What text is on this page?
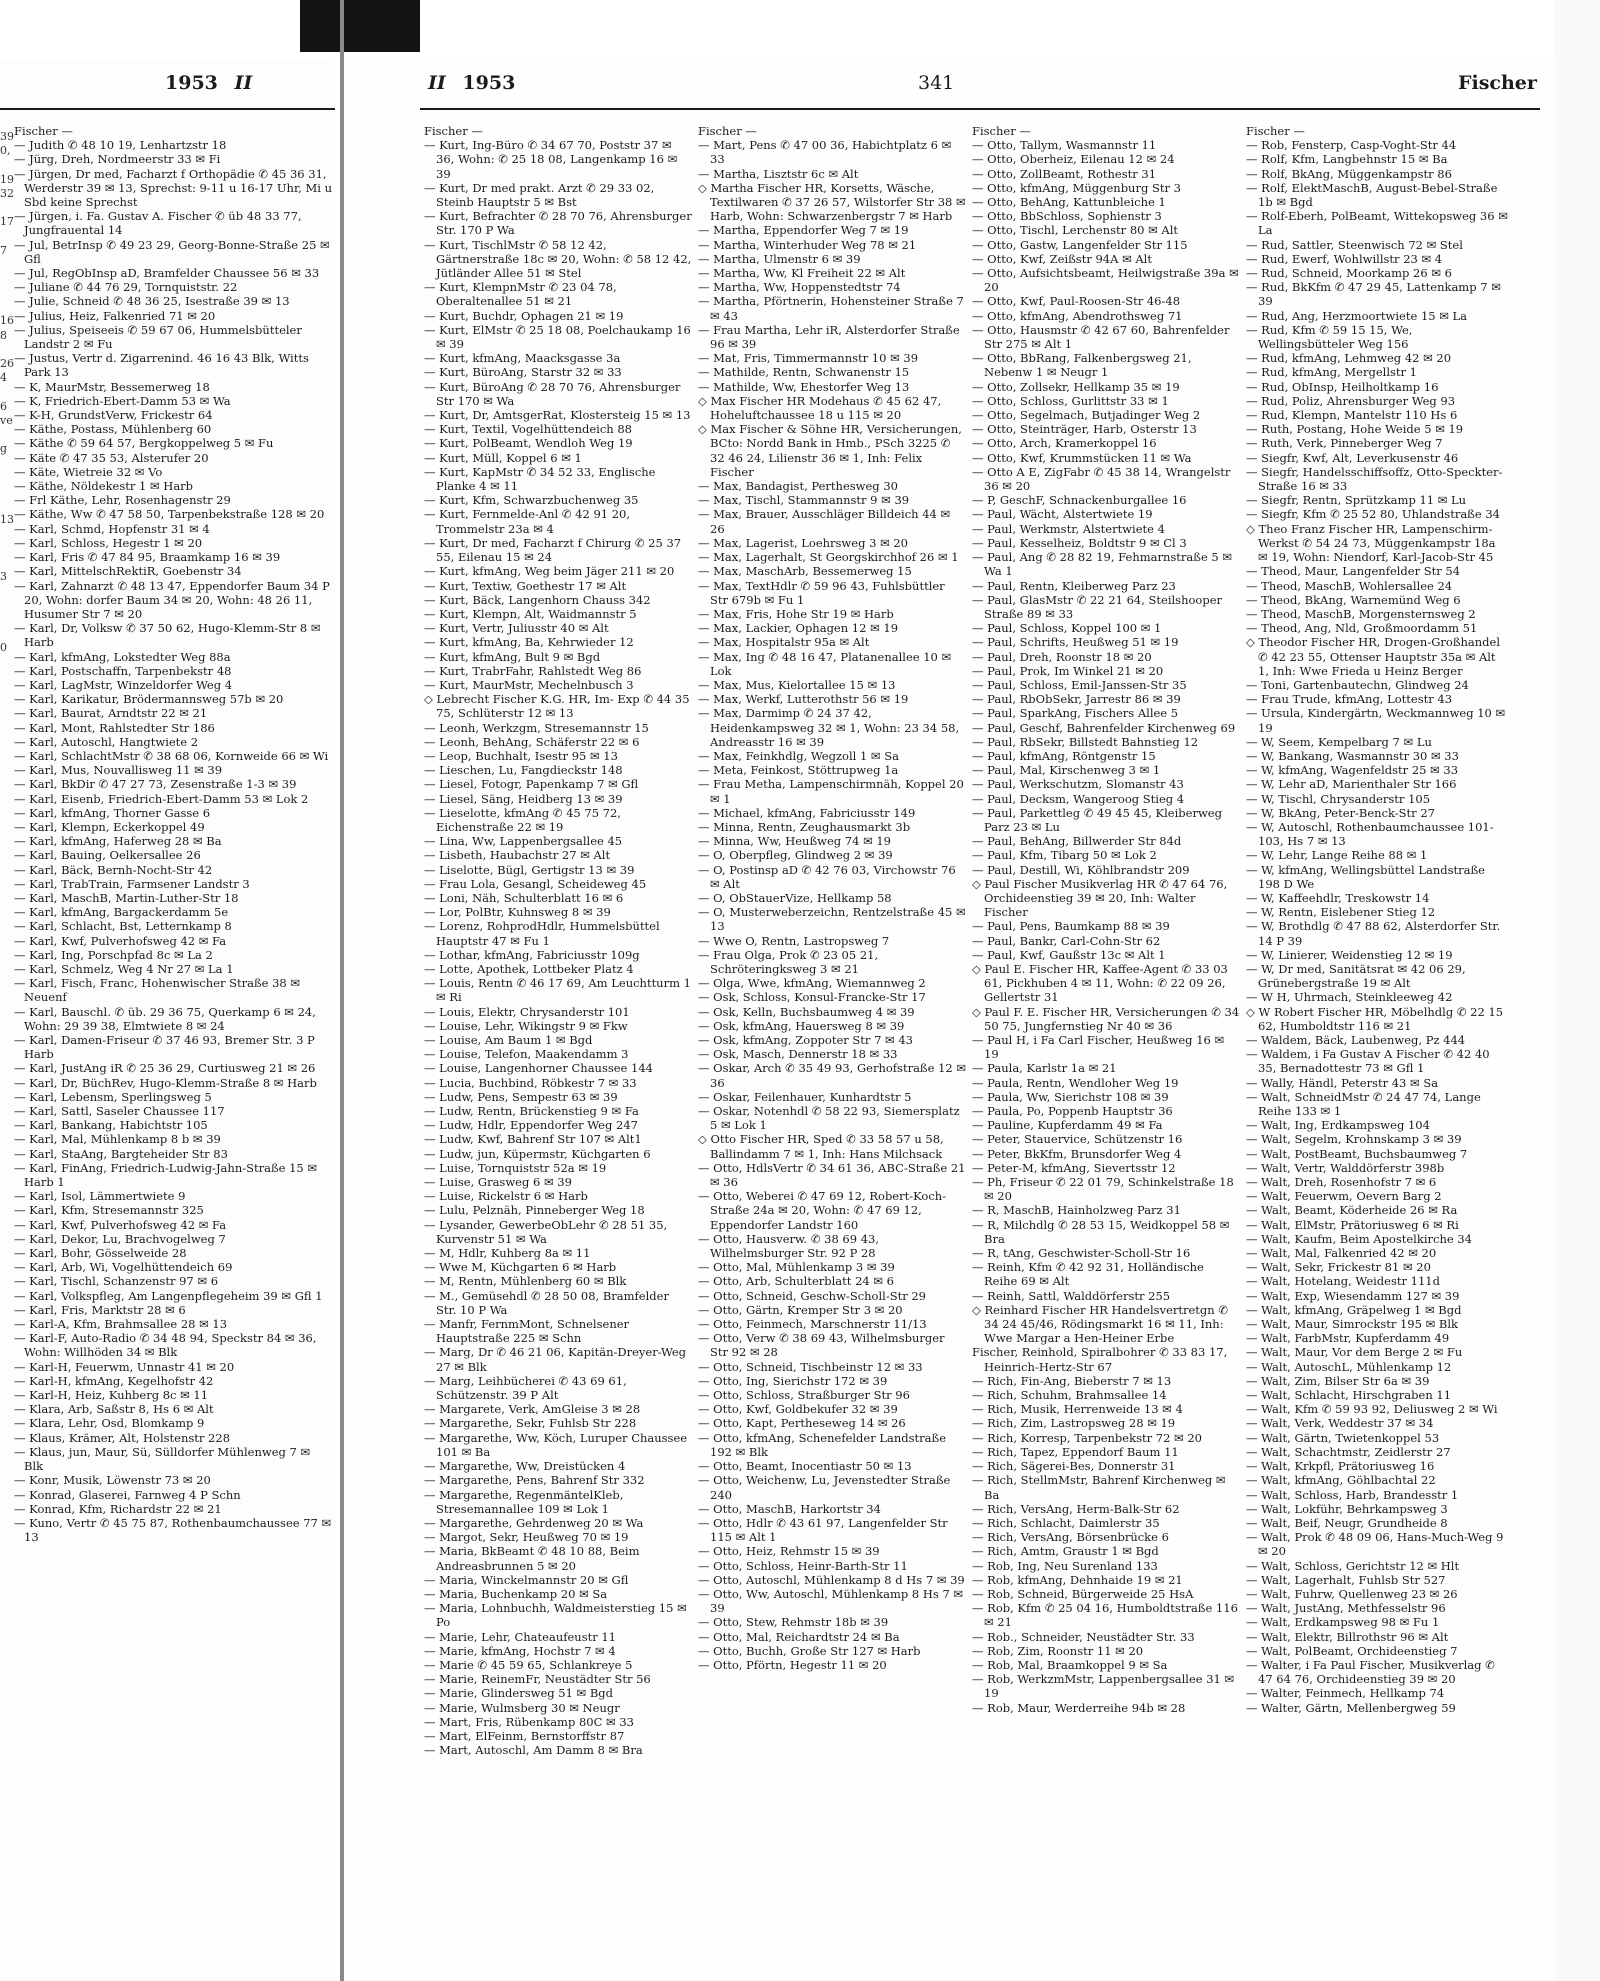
1953 II
39
0,
19
32
17
7
16
8
26
4
6
ve
g
13
3
0
Fischer —

— Judith ✆ 48 10 19, Lenhartzstr 18

— Jürg, Dreh, Nordmeerstr 33 ✉ Fi

— Jürgen, Dr med, Facharzt f Orthopädie ✆ 45 36 31, Werderstr 39 ✉ 13, Sprechst: 9-11 u 16-17 Uhr, Mi u Sbd keine Sprechst

— Jürgen, i. Fa. Gustav A. Fischer ✆ üb 48 33 77, Jungfrauental 14

— Jul, BetrInsp ✆ 49 23 29, Georg-Bonne-Straße 25 ✉ Gfl

— Jul, RegObInsp aD, Bramfelder Chaussee 56 ✉ 33

— Juliane ✆ 44 76 29, Tornquiststr. 22

— Julie, Schneid ✆ 48 36 25, Isestraße 39 ✉ 13

— Julius, Heiz, Falkenried 71 ✉ 20

— Julius, Speiseeis ✆ 59 67 06, Hummelsbütteler Landstr 2 ✉ Fu

— Justus, Vertr d. Zigarrenind. 46 16 43 Blk, Witts Park 13

— K, MaurMstr, Bessemerweg 18

— K, Friedrich-Ebert-Damm 53 ✉ Wa

— K-H, GrundstVerw, Frickestr 64

— Käthe, Postass, Mühlenberg 60

— Käthe ✆ 59 64 57, Bergkoppelweg 5 ✉ Fu

— Käte ✆ 47 35 53, Alsterufer 20

— Käte, Wietreie 32 ✉ Vo

— Käthe, Nöldekestr 1 ✉ Harb

— Frl Käthe, Lehr, Rosenhagenstr 29

— Käthe, Ww ✆ 47 58 50, Tarpenbekstraße 128 ✉ 20

— Karl, Schmd, Hopfenstr 31 ✉ 4

— Karl, Schloss, Hegestr 1 ✉ 20

— Karl, Fris ✆ 47 84 95, Braamkamp 16 ✉ 39

— Karl, MittelschRektiR, Goebenstr 34

— Karl, Zahnarzt ✆ 48 13 47, Eppendorfer Baum 34 P 20, Wohn: dorfer Baum 34 ✉ 20, Wohn: 48 26 11, Husumer Str 7 ✉ 20

— Karl, Dr, Volksw ✆ 37 50 62, Hugo-Klemm-Str 8 ✉ Harb

— Karl, kfmAng, Lokstedter Weg 88a

— Karl, Postschaffn, Tarpenbekstr 48

— Karl, LagMstr, Winzeldorfer Weg 4

— Karl, Karikatur, Brödermannsweg 57b ✉ 20

— Karl, Baurat, Arndtstr 22 ✉ 21

— Karl, Mont, Rahlstedter Str 186

— Karl, Autoschl, Hangtwiete 2

— Karl, SchlachtMstr ✆ 38 68 06, Kornweide 66 ✉ Wi

— Karl, Mus, Nouvallisweg 11 ✉ 39

— Karl, BkDir ✆ 47 27 73, Zesenstraße 1-3 ✉ 39

— Karl, Eisenb, Friedrich-Ebert-Damm 53 ✉ Lok 2

— Karl, kfmAng, Thorner Gasse 6

— Karl, Klempn, Eckerkoppel 49

— Karl, kfmAng, Haferweg 28 ✉ Ba

— Karl, Bauing, Oelkersallee 26

— Karl, Bäck, Bernh-Nocht-Str 42

— Karl, TrabTrain, Farmsener Landstr 3

— Karl, MaschB, Martin-Luther-Str 18

— Karl, kfmAng, Bargackerdamm 5e

— Karl, Schlacht, Bst, Letternkamp 8

— Karl, Kwf, Pulverhofsweg 42 ✉ Fa

— Karl, Ing, Porschpfad 8c ✉ La 2

— Karl, Schmelz, Weg 4 Nr 27 ✉ La 1

— Karl, Fisch, Franc, Hohenwischer Straße 38 ✉ Neuenf

— Karl, Bauschl. ✆ üb. 29 36 75, Querkamp 6 ✉ 24, Wohn: 29 39 38, Elmtwiete 8 ✉ 24

— Karl, Damen-Friseur ✆ 37 46 93, Bremer Str. 3 P Harb

— Karl, JustAng iR ✆ 25 36 29, Curtiusweg 21 ✉ 26

— Karl, Dr, BüchRev, Hugo-Klemm-Straße 8 ✉ Harb

— Karl, Lebensm, Sperlingsweg 5

— Karl, Sattl, Saseler Chaussee 117

— Karl, Bankang, Habichtstr 105

— Karl, Mal, Mühlenkamp 8 b ✉ 39

— Karl, StaAng, Bargteheider Str 83

— Karl, FinAng, Friedrich-Ludwig-Jahn-Straße 15 ✉ Harb 1

— Karl, Isol, Lämmertwiete 9

— Karl, Kfm, Stresemannstr 325

— Karl, Kwf, Pulverhofsweg 42 ✉ Fa

— Karl, Dekor, Lu, Brachvogelweg 7

— Karl, Bohr, Gösselweide 28

— Karl, Arb, Wi, Vogelhüttendeich 69

— Karl, Tischl, Schanzenstr 97 ✉ 6

— Karl, Volkspfleg, Am Langenpflegeheim 39 ✉ Gfl 1

— Karl, Fris, Marktstr 28 ✉ 6

— Karl-A, Kfm, Brahmsallee 28 ✉ 13

— Karl-F, Auto-Radio ✆ 34 48 94, Speckstr 84 ✉ 36, Wohn: Willhöden 34 ✉ Blk

— Karl-H, Feuerwm, Unnastr 41 ✉ 20

— Karl-H, kfmAng, Kegelhofstr 42

— Karl-H, Heiz, Kuhberg 8c ✉ 11

— Klara, Arb, Saßstr 8, Hs 6 ✉ Alt

— Klara, Lehr, Osd, Blomkamp 9

— Klaus, Krämer, Alt, Holstenstr 228

— Klaus, jun, Maur, Sü, Sülldorfer Mühlenweg 7 ✉ Blk

— Konr, Musik, Löwenstr 73 ✉ 20

— Konrad, Glaserei, Farnweg 4 P Schn

— Konrad, Kfm, Richardstr 22 ✉ 21

— Kuno, Vertr ✆ 45 75 87, Rothenbaumchaussee 77 ✉ 13

II 1953	341	Fischer
Fischer —

— Kurt, Ing-Büro ✆ 34 67 70, Poststr 37 ✉ 36, Wohn: ✆ 25 18 08, Langenkamp 16 ✉ 39

— Kurt, Dr med prakt. Arzt ✆ 29 33 02, Steinb Hauptstr 5 ✉ Bst

— Kurt, Befrachter ✆ 28 70 76, Ahrensburger Str. 170 P Wa

— Kurt, TischlMstr ✆ 58 12 42, Gärtnerstraße 18c ✉ 20, Wohn: ✆ 58 12 42, Jütländer Allee 51 ✉ Stel

— Kurt, KlempnMstr ✆ 23 04 78, Oberaltenallee 51 ✉ 21

— Kurt, Buchdr, Ophagen 21 ✉ 19

— Kurt, ElMstr ✆ 25 18 08, Poelchaukamp 16 ✉ 39

— Kurt, kfmAng, Maacksgasse 3a

— Kurt, BüroAng, Starstr 32 ✉ 33

— Kurt, BüroAng ✆ 28 70 76, Ahrensburger Str 170 ✉ Wa

— Kurt, Dr, AmtsgerRat, Klostersteig 15 ✉ 13

— Kurt, Textil, Vogelhüttendeich 88

— Kurt, PolBeamt, Wendloh Weg 19

— Kurt, Müll, Koppel 6 ✉ 1

— Kurt, KapMstr ✆ 34 52 33, Englische Planke 4 ✉ 11

— Kurt, Kfm, Schwarzbuchenweg 35

— Kurt, Fernmelde-Anl ✆ 42 91 20, Trommelstr 23a ✉ 4

— Kurt, Dr med, Facharzt f Chirurg ✆ 25 37 55, Eilenau 15 ✉ 24

— Kurt, kfmAng, Weg beim Jäger 211 ✉ 20

— Kurt, Textiw, Goethestr 17 ✉ Alt

— Kurt, Bäck, Langenhorn Chauss 342

— Kurt, Klempn, Alt, Waidmannstr 5

— Kurt, Vertr, Juliusstr 40 ✉ Alt

— Kurt, kfmAng, Ba, Kehrwieder 12

— Kurt, kfmAng, Bult 9 ✉ Bgd

— Kurt, TrabrFahr, Rahlstedt Weg 86

— Kurt, MaurMstr, Mechelnbusch 3

◇ Lebrecht Fischer K.G. HR, Im- Exp ✆ 44 35 75, Schlüterstr 12 ✉ 13

— Leonh, Werkzgm, Stresemannstr 15

— Leonh, BehAng, Schäferstr 22 ✉ 6

— Leop, Buchhalt, Isestr 95 ✉ 13

— Lieschen, Lu, Fangdieckstr 148

— Liesel, Fotogr, Papenkamp 7 ✉ Gfl

— Liesel, Säng, Heidberg 13 ✉ 39

— Lieselotte, kfmAng ✆ 45 75 72, Eichenstraße 22 ✉ 19

— Lina, Ww, Lappenbergsallee 45

— Lisbeth, Haubachstr 27 ✉ Alt

— Liselotte, Bügl, Gertigstr 13 ✉ 39

— Frau Lola, Gesangl, Scheideweg 45

— Loni, Näh, Schulterblatt 16 ✉ 6

— Lor, PolBtr, Kuhnsweg 8 ✉ 39

— Lorenz, RohprodHdlr, Hummelsbüttel Hauptstr 47 ✉ Fu 1

— Lothar, kfmAng, Fabriciusstr 109g

— Lotte, Apothek, Lottbeker Platz 4

— Louis, Rentn ✆ 46 17 69, Am Leuchtturm 1 ✉ Ri

— Louis, Elektr, Chrysanderstr 101

— Louise, Lehr, Wikingstr 9 ✉ Fkw

— Louise, Am Baum 1 ✉ Bgd

— Louise, Telefon, Maakendamm 3

— Louise, Langenhorner Chaussee 144

— Lucia, Buchbind, Röbkestr 7 ✉ 33

— Ludw, Pens, Sempestr 63 ✉ 39

— Ludw, Rentn, Brückenstieg 9 ✉ Fa

— Ludw, Hdlr, Eppendorfer Weg 247

— Ludw, Kwf, Bahrenf Str 107 ✉ Alt1

— Ludw, jun, Küpermstr, Küchgarten 6

— Luise, Tornquiststr 52a ✉ 19

— Luise, Grasweg 6 ✉ 39

— Luise, Rickelstr 6 ✉ Harb

— Lulu, Pelznäh, Pinneberger Weg 18

— Lysander, GewerbeObLehr ✆ 28 51 35, Kurvenstr 51 ✉ Wa

— M, Hdlr, Kuhberg 8a ✉ 11

— Wwe M, Küchgarten 6 ✉ Harb

— M, Rentn, Mühlenberg 60 ✉ Blk

— M., Gemüsehdl ✆ 28 50 08, Bramfelder Str. 10 P Wa

— Manfr, FernmMont, Schnelsener Hauptstraße 225 ✉ Schn

— Marg, Dr ✆ 46 21 06, Kapitän-Dreyer-Weg 27 ✉ Blk

— Marg, Leihbücherei ✆ 43 69 61, Schützenstr. 39 P Alt

— Margarete, Verk, AmGleise 3 ✉ 28

— Margarethe, Sekr, Fuhlsb Str 228

— Margarethe, Ww, Köch, Luruper Chaussee 101 ✉ Ba

— Margarethe, Ww, Dreistücken 4

— Margarethe, Pens, Bahrenf Str 332

— Margarethe, RegenmäntelKleb, Stresemannallee 109 ✉ Lok 1

— Margarethe, Gehrdenweg 20 ✉ Wa

— Margot, Sekr, Heußweg 70 ✉ 19

— Maria, BkBeamt ✆ 48 10 88, Beim Andreasbrunnen 5 ✉ 20

— Maria, Winckelmannstr 20 ✉ Gfl

— Maria, Buchenkamp 20 ✉ Sa

— Maria, Lohnbuchh, Waldmeisterstieg 15 ✉ Po

— Marie, Lehr, Chateaufeustr 11

— Marie, kfmAng, Hochstr 7 ✉ 4

— Marie ✆ 45 59 65, Schlankreye 5

— Marie, ReinemFr, Neustädter Str 56

— Marie, Glindersweg 51 ✉ Bgd

— Marie, Wulmsberg 30 ✉ Neugr

— Mart, Fris, Rübenkamp 80C ✉ 33

— Mart, ElFeinm, Bernstorffstr 87

— Mart, Autoschl, Am Damm 8 ✉ Bra

Fischer —

— Mart, Pens ✆ 47 00 36, Habichtplatz 6 ✉ 33

— Martha, Lisztstr 6c ✉ Alt

◇ Martha Fischer HR, Korsetts, Wäsche, Textilwaren ✆ 37 26 57, Wilstorfer Str 38 ✉ Harb, Wohn: Schwarzenbergstr 7 ✉ Harb

— Martha, Eppendorfer Weg 7 ✉ 19

— Martha, Winterhuder Weg 78 ✉ 21

— Martha, Ulmenstr 6 ✉ 39

— Martha, Ww, Kl Freiheit 22 ✉ Alt

— Martha, Ww, Hoppenstedtstr 74

— Martha, Pförtnerin, Hohensteiner Straße 7 ✉ 43

— Frau Martha, Lehr iR, Alsterdorfer Straße 96 ✉ 39

— Mat, Fris, Timmermannstr 10 ✉ 39

— Mathilde, Rentn, Schwanenstr 15

— Mathilde, Ww, Ehestorfer Weg 13

◇ Max Fischer HR Modehaus ✆ 45 62 47, Hoheluftchaussee 18 u 115 ✉ 20

◇ Max Fischer & Söhne HR, Versicherungen, BCto: Nordd Bank in Hmb., PSch 3225 ✆ 32 46 24, Lilienstr 36 ✉ 1, Inh: Felix Fischer

— Max, Bandagist, Perthesweg 30

— Max, Tischl, Stammannstr 9 ✉ 39

— Max, Brauer, Ausschläger Billdeich 44 ✉ 26

— Max, Lagerist, Loehrsweg 3 ✉ 20

— Max, Lagerhalt, St Georgskirchhof 26 ✉ 1

— Max, MaschArb, Bessemerweg 15

— Max, TextHdlr ✆ 59 96 43, Fuhlsbüttler Str 679b ✉ Fu 1

— Max, Fris, Hohe Str 19 ✉ Harb

— Max, Lackier, Ophagen 12 ✉ 19

— Max, Hospitalstr 95a ✉ Alt

— Max, Ing ✆ 48 16 47, Platanenallee 10 ✉ Lok

— Max, Mus, Kielortallee 15 ✉ 13

— Max, Werkf, Lutterothstr 56 ✉ 19

— Max, Darmimp ✆ 24 37 42, Heidenkampsweg 32 ✉ 1, Wohn: 23 34 58, Andreasstr 16 ✉ 39

— Max, Feinkhdlg, Wegzoll 1 ✉ Sa

— Meta, Feinkost, Stöttrupweg 1a

— Frau Metha, Lampenschirmnäh, Koppel 20 ✉ 1

— Michael, kfmAng, Fabriciusstr 149

— Minna, Rentn, Zeughausmarkt 3b

— Minna, Ww, Heußweg 74 ✉ 19

— O, Oberpfleg, Glindweg 2 ✉ 39

— O, Postinsp aD ✆ 42 76 03, Virchowstr 76 ✉ Alt

— O, ObStauerVize, Hellkamp 58

— O, Musterweberzeichn, Rentzelstraße 45 ✉ 13

— Wwe O, Rentn, Lastropsweg 7

— Frau Olga, Prok ✆ 23 05 21, Schröteringksweg 3 ✉ 21

— Olga, Wwe, kfmAng, Wiemannweg 2

— Osk, Schloss, Konsul-Francke-Str 17

— Osk, Kelln, Buchsbaumweg 4 ✉ 39

— Osk, kfmAng, Hauersweg 8 ✉ 39

— Osk, kfmAng, Zoppoter Str 7 ✉ 43

— Osk, Masch, Dennerstr 18 ✉ 33

— Oskar, Arch ✆ 35 49 93, Gerhofstraße 12 ✉ 36

— Oskar, Feilenhauer, Kunhardtstr 5

— Oskar, Notenhdl ✆ 58 22 93, Siemersplatz 5 ✉ Lok 1

◇ Otto Fischer HR, Sped ✆ 33 58 57 u 58, Ballindamm 7 ✉ 1, Inh: Hans Milchsack

— Otto, HdlsVertr ✆ 34 61 36, ABC-Straße 21 ✉ 36

— Otto, Weberei ✆ 47 69 12, Robert-Koch-Straße 24a ✉ 20, Wohn: ✆ 47 69 12, Eppendorfer Landstr 160

— Otto, Hausverw. ✆ 38 69 43, Wilhelmsburger Str. 92 P 28

— Otto, Mal, Mühlenkamp 3 ✉ 39

— Otto, Arb, Schulterblatt 24 ✉ 6

— Otto, Schneid, Geschw-Scholl-Str 29

— Otto, Gärtn, Kremper Str 3 ✉ 20

— Otto, Feinmech, Marschnerstr 11/13

— Otto, Verw ✆ 38 69 43, Wilhelmsburger Str 92 ✉ 28

— Otto, Schneid, Tischbeinstr 12 ✉ 33

— Otto, Ing, Sierichstr 172 ✉ 39

— Otto, Schloss, Straßburger Str 96

— Otto, Kwf, Goldbekufer 32 ✉ 39

— Otto, Kapt, Pertheseweg 14 ✉ 26

— Otto, kfmAng, Schenefelder Landstraße 192 ✉ Blk

— Otto, Beamt, Inocentiastr 50 ✉ 13

— Otto, Weichenw, Lu, Jevenstedter Straße 240

— Otto, MaschB, Harkortstr 34

— Otto, Hdlr ✆ 43 61 97, Langenfelder Str 115 ✉ Alt 1

— Otto, Heiz, Rehmstr 15 ✉ 39

— Otto, Schloss, Heinr-Barth-Str 11

— Otto, Autoschl, Mühlenkamp 8 d Hs 7 ✉ 39

— Otto, Ww, Autoschl, Mühlenkamp 8 Hs 7 ✉ 39

— Otto, Stew, Rehmstr 18b ✉ 39

— Otto, Mal, Reichardtstr 24 ✉ Ba

— Otto, Buchh, Große Str 127 ✉ Harb

— Otto, Pförtn, Hegestr 11 ✉ 20

Fischer —

— Otto, Tallym, Wasmannstr 11

— Otto, Oberheiz, Eilenau 12 ✉ 24

— Otto, ZollBeamt, Rothestr 31

— Otto, kfmAng, Müggenburg Str 3

— Otto, BehAng, Kattunbleiche 1

— Otto, BbSchloss, Sophienstr 3

— Otto, Tischl, Lerchenstr 80 ✉ Alt

— Otto, Gastw, Langenfelder Str 115

— Otto, Kwf, Zeißstr 94A ✉ Alt

— Otto, Aufsichtsbeamt, Heilwigstraße 39a ✉ 20

— Otto, Kwf, Paul-Roosen-Str 46-48

— Otto, kfmAng, Abendrothsweg 71

— Otto, Hausmstr ✆ 42 67 60, Bahrenfelder Str 275 ✉ Alt 1

— Otto, BbRang, Falkenbergsweg 21, Nebenw 1 ✉ Neugr 1

— Otto, Zollsekr, Hellkamp 35 ✉ 19

— Otto, Schloss, Gurlittstr 33 ✉ 1

— Otto, Segelmach, Butjadinger Weg 2

— Otto, Steinträger, Harb, Osterstr 13

— Otto, Arch, Kramerkoppel 16

— Otto, Kwf, Krummstücken 11 ✉ Wa

— Otto A E, ZigFabr ✆ 45 38 14, Wrangelstr 36 ✉ 20

— P, GeschF, Schnackenburgallee 16

— Paul, Wächt, Alstertwiete 19

— Paul, Werkmstr, Alstertwiete 4

— Paul, Kesselheiz, Boldtstr 9 ✉ Cl 3

— Paul, Ang ✆ 28 82 19, Fehmarnstraße 5 ✉ Wa 1

— Paul, Rentn, Kleiberweg Parz 23

— Paul, GlasMstr ✆ 22 21 64, Steilshooper Straße 89 ✉ 33

— Paul, Schloss, Koppel 100 ✉ 1

— Paul, Schrifts, Heußweg 51 ✉ 19

— Paul, Dreh, Roonstr 18 ✉ 20

— Paul, Prok, Im Winkel 21 ✉ 20

— Paul, Schloss, Emil-Janssen-Str 35

— Paul, RbObSekr, Jarrestr 86 ✉ 39

— Paul, SparkAng, Fischers Allee 5

— Paul, Geschf, Bahrenfelder Kirchenweg 69

— Paul, RbSekr, Billstedt Bahnstieg 12

— Paul, kfmAng, Röntgenstr 15

— Paul, Mal, Kirschenweg 3 ✉ 1

— Paul, Werkschutzm, Slomanstr 43

— Paul, Decksm, Wangeroog Stieg 4

— Paul, Parkettleg ✆ 49 45 45, Kleiberweg Parz 23 ✉ Lu

— Paul, BehAng, Billwerder Str 84d

— Paul, Kfm, Tibarg 50 ✉ Lok 2

— Paul, Destill, Wi, Köhlbrandstr 209

◇ Paul Fischer Musikverlag HR ✆ 47 64 76, Orchideenstieg 39 ✉ 20, Inh: Walter Fischer

— Paul, Pens, Baumkamp 88 ✉ 39

— Paul, Bankr, Carl-Cohn-Str 62

— Paul, Kwf, Gaußstr 13c ✉ Alt 1

◇ Paul E. Fischer HR, Kaffee-Agent ✆ 33 03 61, Pickhuben 4 ✉ 11, Wohn: ✆ 22 09 26, Gellertstr 31

◇ Paul F. E. Fischer HR, Versicherungen ✆ 34 50 75, Jungfernstieg Nr 40 ✉ 36

— Paul H, i Fa Carl Fischer, Heußweg 16 ✉ 19

— Paula, Karlstr 1a ✉ 21

— Paula, Rentn, Wendloher Weg 19

— Paula, Ww, Sierichstr 108 ✉ 39

— Paula, Po, Poppenb Hauptstr 36

— Pauline, Kupferdamm 49 ✉ Fa

— Peter, Stauervice, Schützenstr 16

— Peter, BkKfm, Brunsdorfer Weg 4

— Peter-M, kfmAng, Sievertsstr 12

— Ph, Friseur ✆ 22 01 79, Schinkelstraße 18 ✉ 20

— R, MaschB, Hainholzweg Parz 31

— R, Milchdlg ✆ 28 53 15, Weidkoppel 58 ✉ Bra

— R, tAng, Geschwister-Scholl-Str 16

— Reinh, Kfm ✆ 42 92 31, Holländische Reihe 69 ✉ Alt

— Reinh, Sattl, Walddörferstr 255

◇ Reinhard Fischer HR Handelsvertretgn ✆ 34 24 45/46, Rödingsmarkt 16 ✉ 11, Inh: Wwe Margar a Hen-Heiner Erbe

Fischer, Reinhold, Spiralbohrer ✆ 33 83 17, Heinrich-Hertz-Str 67

— Rich, Fin-Ang, Bieberstr 7 ✉ 13

— Rich, Schuhm, Brahmsallee 14

— Rich, Musik, Herrenweide 13 ✉ 4

— Rich, Zim, Lastropsweg 28 ✉ 19

— Rich, Korresp, Tarpenbekstr 72 ✉ 20

— Rich, Tapez, Eppendorf Baum 11

— Rich, Sägerei-Bes, Donnerstr 31

— Rich, StellmMstr, Bahrenf Kirchenweg ✉ Ba

— Rich, VersAng, Herm-Balk-Str 62

— Rich, Schlacht, Daimlerstr 35

— Rich, VersAng, Börsenbrücke 6

— Rich, Amtm, Graustr 1 ✉ Bgd

— Rob, Ing, Neu Surenland 133

— Rob, kfmAng, Dehnhaide 19 ✉ 21

— Rob, Schneid, Bürgerweide 25 HsA

— Rob, Kfm ✆ 25 04 16, Humboldtstraße 116 ✉ 21

— Rob., Schneider, Neustädter Str. 33

— Rob, Zim, Roonstr 11 ✉ 20

— Rob, Mal, Braamkoppel 9 ✉ Sa

— Rob, WerkzmMstr, Lappenbergsallee 31 ✉ 19

— Rob, Maur, Werderreihe 94b ✉ 28

Fischer —

— Rob, Fensterp, Casp-Voght-Str 44

— Rolf, Kfm, Langbehnstr 15 ✉ Ba

— Rolf, BkAng, Müggenkampstr 86

— Rolf, ElektMaschB, August-Bebel-Straße 1b ✉ Bgd

— Rolf-Eberh, PolBeamt, Wittekopsweg 36 ✉ La

— Rud, Sattler, Steenwisch 72 ✉ Stel

— Rud, Ewerf, Wohlwillstr 23 ✉ 4

— Rud, Schneid, Moorkamp 26 ✉ 6

— Rud, BkKfm ✆ 47 29 45, Lattenkamp 7 ✉ 39

— Rud, Ang, Herzmoortwiete 15 ✉ La

— Rud, Kfm ✆ 59 15 15, We, Wellingsbütteler Weg 156

— Rud, kfmAng, Lehmweg 42 ✉ 20

— Rud, kfmAng, Mergellstr 1

— Rud, ObInsp, Heilholtkamp 16

— Rud, Poliz, Ahrensburger Weg 93

— Rud, Klempn, Mantelstr 110 Hs 6

— Ruth, Postang, Hohe Weide 5 ✉ 19

— Ruth, Verk, Pinneberger Weg 7

— Siegfr, Kwf, Alt, Leverkusenstr 46

— Siegfr, Handelsschiffsoffz, Otto-Speckter-Straße 16 ✉ 33

— Siegfr, Rentn, Sprützkamp 11 ✉ Lu

— Siegfr, Kfm ✆ 25 52 80, Uhlandstraße 34

◇ Theo Franz Fischer HR, Lampenschirm-Werkst ✆ 54 24 73, Müggenkampstr 18a ✉ 19, Wohn: Niendorf, Karl-Jacob-Str 45

— Theod, Maur, Langenfelder Str 54

— Theod, MaschB, Wohlersallee 24

— Theod, BkAng, Warnemünd Weg 6

— Theod, MaschB, Morgensternsweg 2

— Theod, Ang, Nld, Großmoordamm 51

◇ Theodor Fischer HR, Drogen-Großhandel ✆ 42 23 55, Ottenser Hauptstr 35a ✉ Alt 1, Inh: Wwe Frieda u Heinz Berger

— Toni, Gartenbautechn, Glindweg 24

— Frau Trude, kfmAng, Lottestr 43

— Ursula, Kindergärtn, Weckmannweg 10 ✉ 19

— W, Seem, Kempelbarg 7 ✉ Lu

— W, Bankang, Wasmannstr 30 ✉ 33

— W, kfmAng, Wagenfeldstr 25 ✉ 33

— W, Lehr aD, Marienthaler Str 166

— W, Tischl, Chrysanderstr 105

— W, BkAng, Peter-Benck-Str 27

— W, Autoschl, Rothenbaumchaussee 101-103, Hs 7 ✉ 13

— W, Lehr, Lange Reihe 88 ✉ 1

— W, kfmAng, Wellingsbüttel Landstraße 198 D We

— W, Kaffeehdlr, Treskowstr 14

— W, Rentn, Eislebener Stieg 12

— W, Brothdlg ✆ 47 88 62, Alsterdorfer Str. 14 P 39

— W, Linierer, Weidenstieg 12 ✉ 19

— W, Dr med, Sanitätsrat ✉ 42 06 29, Grünebergstraße 19 ✉ Alt

— W H, Uhrmach, Steinkleeweg 42

◇ W Robert Fischer HR, Möbelhdlg ✆ 22 15 62, Humboldtstr 116 ✉ 21

— Waldem, Bäck, Laubenweg, Pz 444

— Waldem, i Fa Gustav A Fischer ✆ 42 40 35, Bernadottestr 73 ✉ Gfl 1

— Wally, Händl, Peterstr 43 ✉ Sa

— Walt, SchneidMstr ✆ 24 47 74, Lange Reihe 133 ✉ 1

— Walt, Ing, Erdkampsweg 104

— Walt, Segelm, Krohnskamp 3 ✉ 39

— Walt, PostBeamt, Buchsbaumweg 7

— Walt, Vertr, Walddörferstr 398b

— Walt, Dreh, Rosenhofstr 7 ✉ 6

— Walt, Feuerwm, Oevern Barg 2

— Walt, Beamt, Köderheide 26 ✉ Ra

— Walt, ElMstr, Prätoriusweg 6 ✉ Ri

— Walt, Kaufm, Beim Apostelkirche 34

— Walt, Mal, Falkenried 42 ✉ 20

— Walt, Sekr, Frickestr 81 ✉ 20

— Walt, Hotelang, Weidestr 111d

— Walt, Exp, Wiesendamm 127 ✉ 39

— Walt, kfmAng, Gräpelweg 1 ✉ Bgd

— Walt, Maur, Simrockstr 195 ✉ Blk

— Walt, FarbMstr, Kupferdamm 49

— Walt, Maur, Vor dem Berge 2 ✉ Fu

— Walt, AutoschL, Mühlenkamp 12

— Walt, Zim, Bilser Str 6a ✉ 39

— Walt, Schlacht, Hirschgraben 11

— Walt, Kfm ✆ 59 93 92, Deliusweg 2 ✉ Wi

— Walt, Verk, Weddestr 37 ✉ 34

— Walt, Gärtn, Twietenkoppel 53

— Walt, Schachtmstr, Zeidlerstr 27

— Walt, Krkpfl, Prätoriusweg 16

— Walt, kfmAng, Göhlbachtal 22

— Walt, Schloss, Harb, Brandesstr 1

— Walt, Lokführ, Behrkampsweg 3

— Walt, Beif, Neugr, Grundheide 8

— Walt, Prok ✆ 48 09 06, Hans-Much-Weg 9 ✉ 20

— Walt, Schloss, Gerichtstr 12 ✉ Hlt

— Walt, Lagerhalt, Fuhlsb Str 527

— Walt, Fuhrw, Quellenweg 23 ✉ 26

— Walt, JustAng, Methfesselstr 96

— Walt, Erdkampsweg 98 ✉ Fu 1

— Walt, Elektr, Billrothstr 96 ✉ Alt

— Walt, PolBeamt, Orchideenstieg 7

— Walter, i Fa Paul Fischer, Musikverlag ✆ 47 64 76, Orchideenstieg 39 ✉ 20

— Walter, Feinmech, Hellkamp 74

— Walter, Gärtn, Mellenbergweg 59
